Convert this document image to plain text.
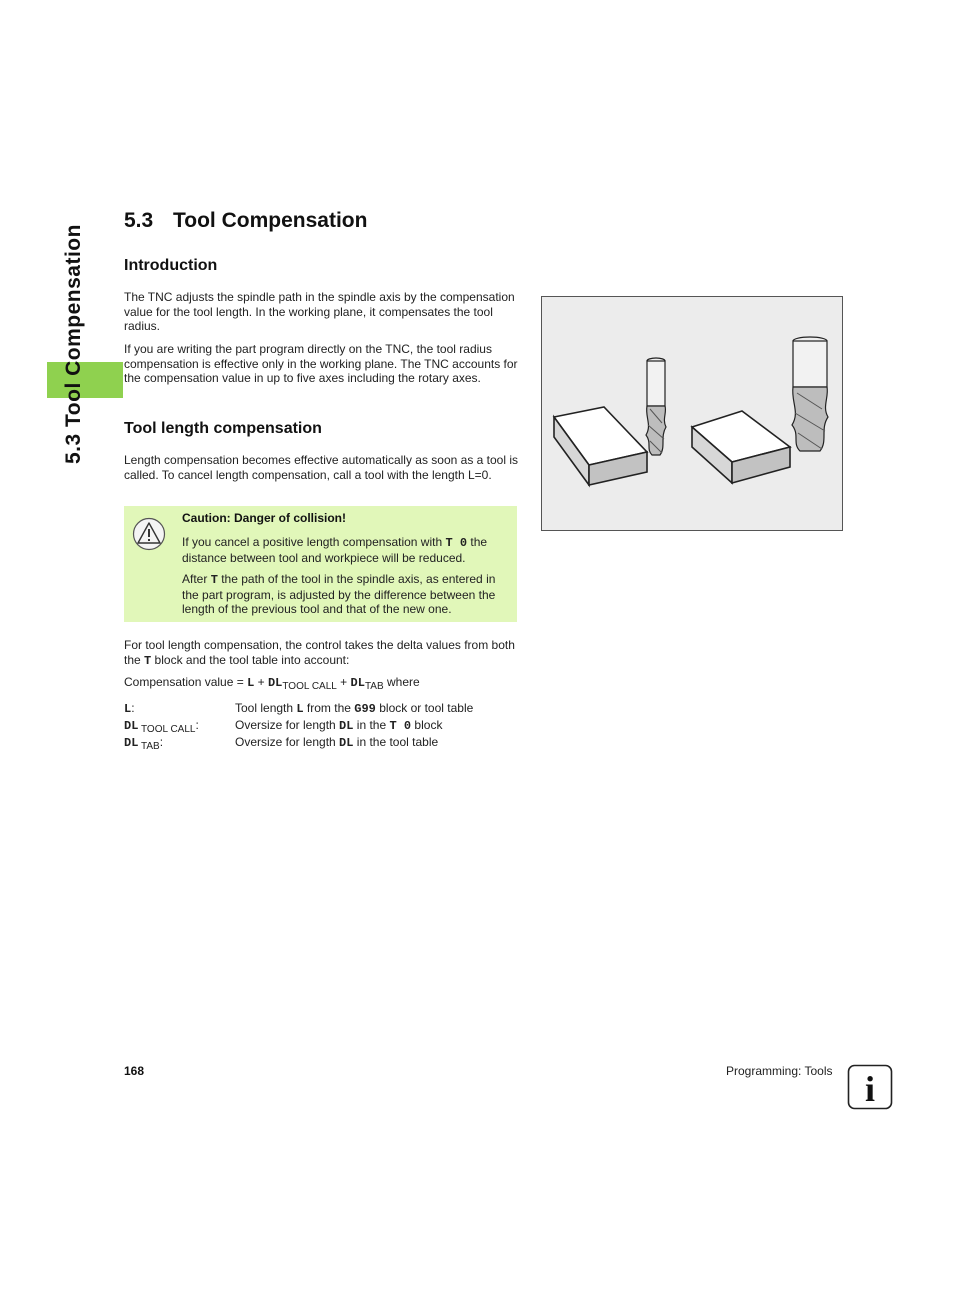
5.3 Tool Compensation
5.3 Tool Compensation
Introduction

The TNC adjusts the spindle path in the spindle axis by the compensation value for the tool length. In the working plane, it compensates the tool radius.

If you are writing the part program directly on the TNC, the tool radius compensation is effective only in the working plane. The TNC accounts for the compensation value in up to five axes including the rotary axes.

Tool length compensation

Length compensation becomes effective automatically as soon as a tool is called. To cancel length compensation, call a tool with the length L=0.

Caution: Danger of collision!

If you cancel a positive length compensation with T 0 the distance between tool and workpiece will be reduced.

After T the path of the tool in the spindle axis, as entered in the part program, is adjusted by the difference between the length of the previous tool and that of the new one.

For tool length compensation, the control takes the delta values from both the T block and the tool table into account:

Compensation value = $L + DL_{TOOL CALL} + DL_{TAB}$ where

L:	Tool length L from the G99 block or tool table
DL $_{TOOL CALL}$:	Oversize for length DL in the T 0 block
DL $_{TAB}$:	Oversize for length DL in the tool table
168	Programming: Tools i
